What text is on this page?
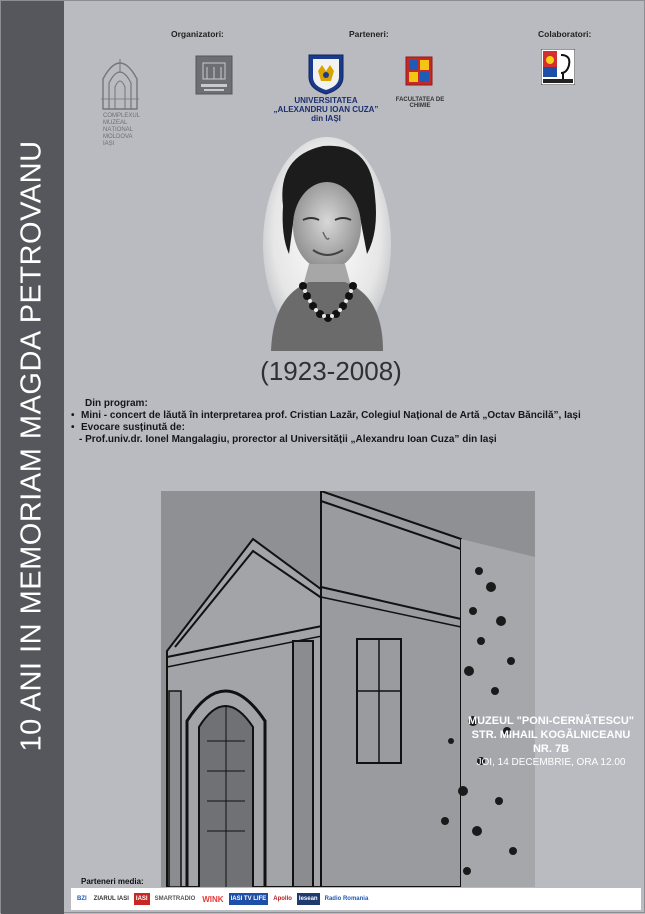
10 ANI IN MEMORIAM MAGDA PETROVANU
Organizatori:	Parteneri:	Colaboratori:
COMPLEXUL
MUZEAL
NAȚIONAL
MOLDOVA
IAȘI
UNIVERSITATEA
„ALEXANDRU IOAN CUZA”
din IAȘI
FACULTATEA DE CHIMIE
(1923-2008)
Din program:
• Mini - concert de lăută în interpretarea prof. Cristian Lazăr, Colegiul Național de Artă „Octav Băncilă”, Iași
• Evocare susținută de:
- Prof.univ.dr. Ionel Mangalagiu, prorector al Universității „Alexandru Ioan Cuza” din Iași
MUZEUL "PONI-CERNĂTESCU"
STR. MIHAIL KOGĂLNICEANU NR. 7B
JOI, 14 DECEMBRIE, ORA 12.00
Parteneri media:
BZI	ZIARUL IASI	IASI	SMARTRADIO WINK	IASI TV LIFE	Apollo	Iesean	Radio Romania
